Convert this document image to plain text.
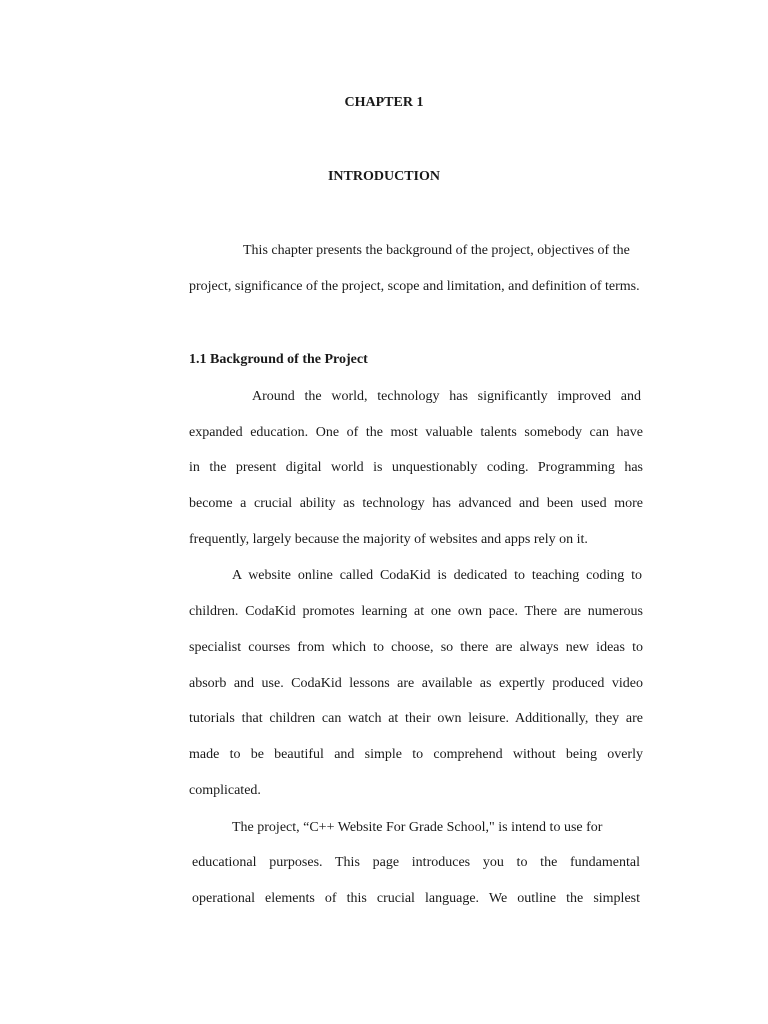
CHAPTER 1
INTRODUCTION

This chapter presents the background of the project, objectives of the

project, significance of the project, scope and limitation, and definition of terms.

1.1 Background of the Project

Around the world, technology has significantly improved and

expanded education. One of the most valuable talents somebody can have

in the present digital world is unquestionably coding. Programming has

become a crucial ability as technology has advanced and been used more

frequently, largely because the majority of websites and apps rely on it.

A website online called CodaKid is dedicated to teaching coding to

children. CodaKid promotes learning at one own pace. There are numerous

specialist courses from which to choose, so there are always new ideas to

absorb and use. CodaKid lessons are available as expertly produced video

tutorials that children can watch at their own leisure. Additionally, they are

made to be beautiful and simple to comprehend without being overly

complicated.

The project, “C++ Website For Grade School," is intend to use for

educational purposes. This page introduces you to the fundamental

operational elements of this crucial language. We outline the simplest
